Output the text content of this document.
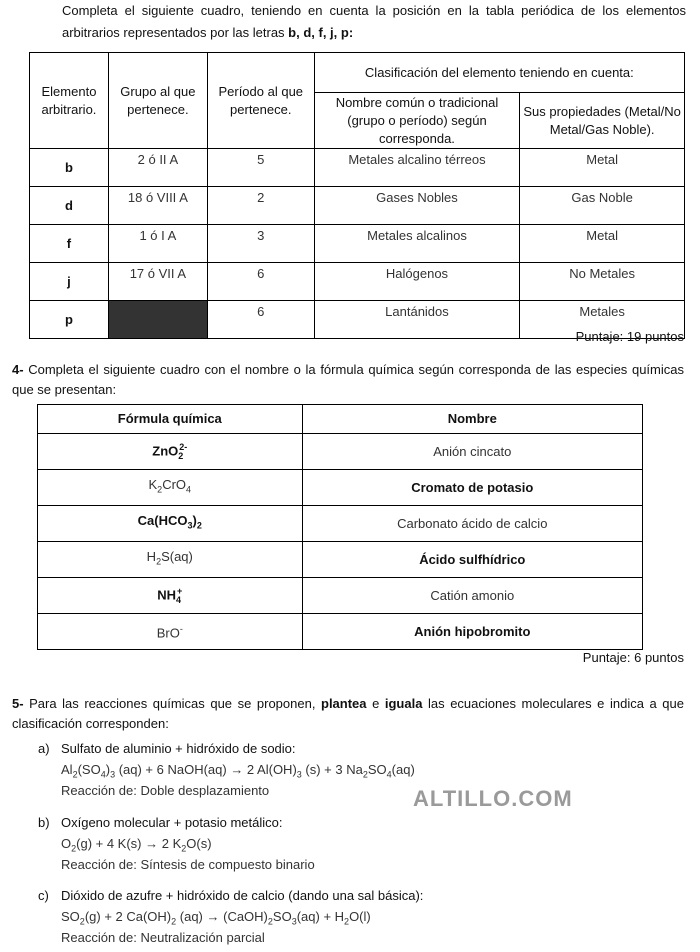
Completa el siguiente cuadro, teniendo en cuenta la posición en la tabla periódica de los elementos arbitrarios representados por las letras b, d, f, j, p:
Elemento arbitrario.	Grupo al que pertenece.	Período al que pertenece.	Clasificación del elemento teniendo en cuenta:	
			Nombre común o tradicional (grupo o período) según corresponda.	Sus propiedades (Metal/No Metal/Gas Noble).
b	2 ó II A	5	Metales alcalino térreos	Metal
d	18 ó VIII A	2	Gases Nobles	Gas Noble
f	1 ó I A	3	Metales alcalinos	Metal
j	17 ó VII A	6	Halógenos	No Metales
p		6	Lantánidos	Metales
Puntaje: 19 puntos
4- Completa el siguiente cuadro con el nombre o la fórmula química según corresponda de las especies químicas que se presentan:
Fórmula química	Nombre
ZnO$_2^{2-}$	Anión cincato
$K_2CrO_4$	Cromato de potasio
$Ca(HCO_3)_2$	Carbonato ácido de calcio
$H_2S(aq)$	Ácido sulfhídrico
$NH_4^+$	Catión amonio
BrO-	Anión hipobromito
Puntaje: 6 puntos
5- Para las reacciones químicas que se proponen, plantea e iguala las ecuaciones moleculares e indica a que clasificación corresponden:
a) Sulfato de aluminio + hidróxido de sodio:
$Al_2(SO_4)_3$ (aq) + 6 NaOH(aq) → 2 $Al(OH)_3$ (s) + 3 $Na_2SO_4(aq)$
Reacción de: Doble desplazamiento	ALTILLO.COM
b) Oxígeno molecular + potasio metálico:
$O_2(g) + 4$ K(s) → 2 $K_2O(s)$
Reacción de: Síntesis de compuesto binario
c) Dióxido de azufre + hidróxido de calcio (dando una sal básica):
$SO_2(g) + 2$ $Ca(OH)_2$ $(aq) \to (CaOH)_2SO_3(aq) + H_2O(l)$
Reacción de: Neutralización parcial
